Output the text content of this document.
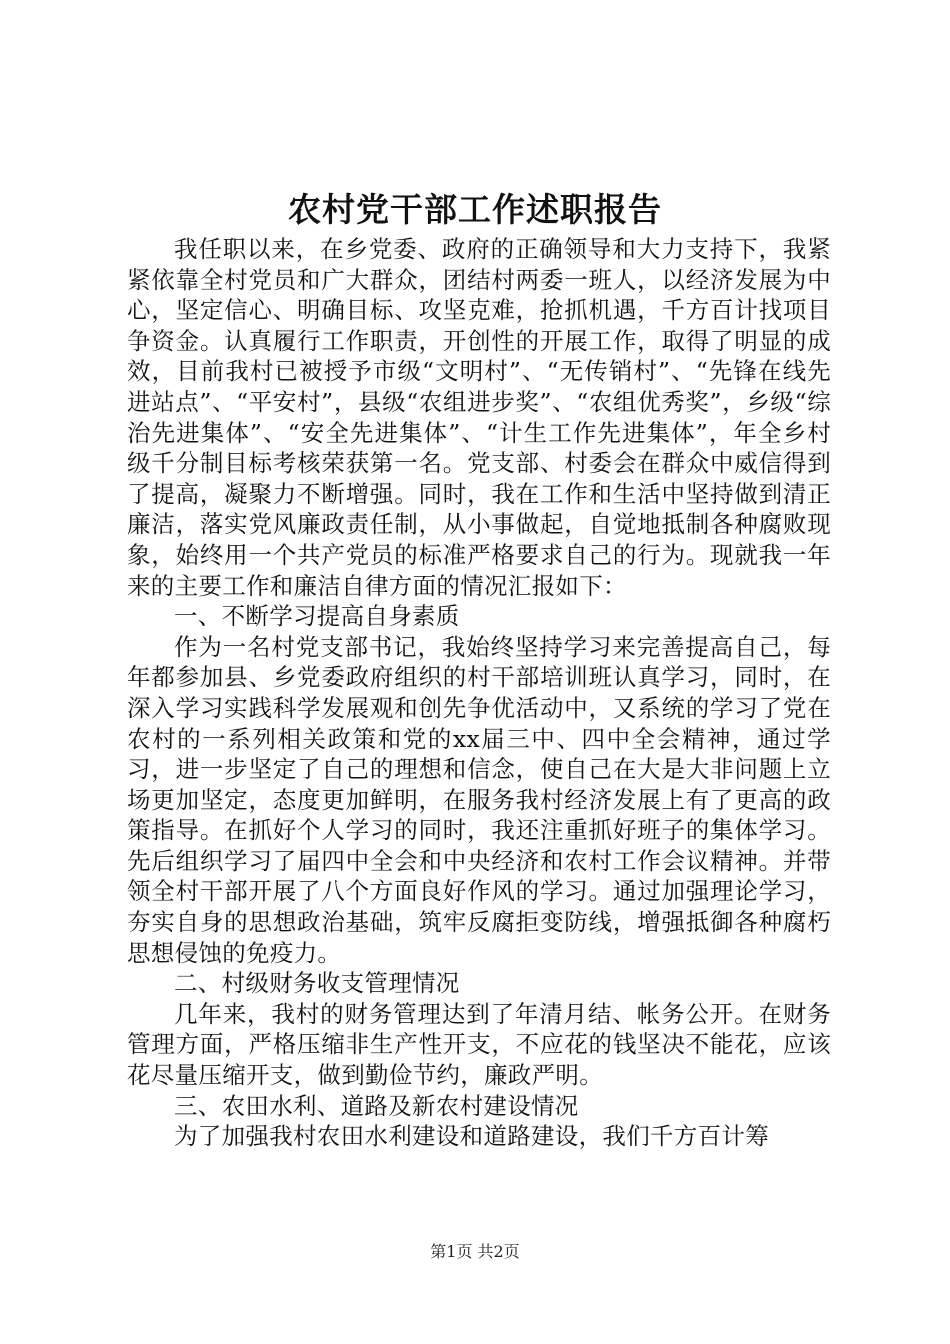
农村党干部工作述职报告

我任职以来，在乡党委、政府的正确领导和大力支持下，我紧紧依靠全村党员和广大群众，团结村两委一班人，以经济发展为中心，坚定信心、明确目标、攻坚克难，抢抓机遇，千方百计找项目争资金。认真履行工作职责，开创性的开展工作，取得了明显的成效，目前我村已被授予市级“文明村”、“无传销村”、“先锋在线先进站点”、“平安村”，县级“农组进步奖”、“农组优秀奖”，乡级“综治先进集体”、“安全先进集体”、“计生工作先进集体”，年全乡村级千分制目标考核荣获第一名。党支部、村委会在群众中威信得到了提高，凝聚力不断增强。同时，我在工作和生活中坚持做到清正廉洁，落实党风廉政责任制，从小事做起，自觉地抵制各种腐败现象，始终用一个共产党员的标准严格要求自己的行为。现就我一年来的主要工作和廉洁自律方面的情况汇报如下：

一、不断学习提高自身素质

作为一名村党支部书记，我始终坚持学习来完善提高自己，每年都参加县、乡党委政府组织的村干部培训班认真学习，同时，在深入学习实践科学发展观和创先争优活动中，又系统的学习了党在农村的一系列相关政策和党的xx届三中、四中全会精神，通过学习，进一步坚定了自己的理想和信念，使自己在大是大非问题上立场更加坚定，态度更加鲜明，在服务我村经济发展上有了更高的政策指导。在抓好个人学习的同时，我还注重抓好班子的集体学习。先后组织学习了届四中全会和中央经济和农村工作会议精神。并带领全村干部开展了八个方面良好作风的学习。通过加强理论学习，夯实自身的思想政治基础，筑牢反腐拒变防线，增强抵御各种腐朽思想侵蚀的免疫力。

二、村级财务收支管理情况

几年来，我村的财务管理达到了年清月结、帐务公开。在财务管理方面，严格压缩非生产性开支，不应花的钱坚决不能花，应该花尽量压缩开支，做到勤俭节约，廉政严明。

三、农田水利、道路及新农村建设情况

为了加强我村农田水利建设和道路建设，我们千方百计筹

第1页 共2页
